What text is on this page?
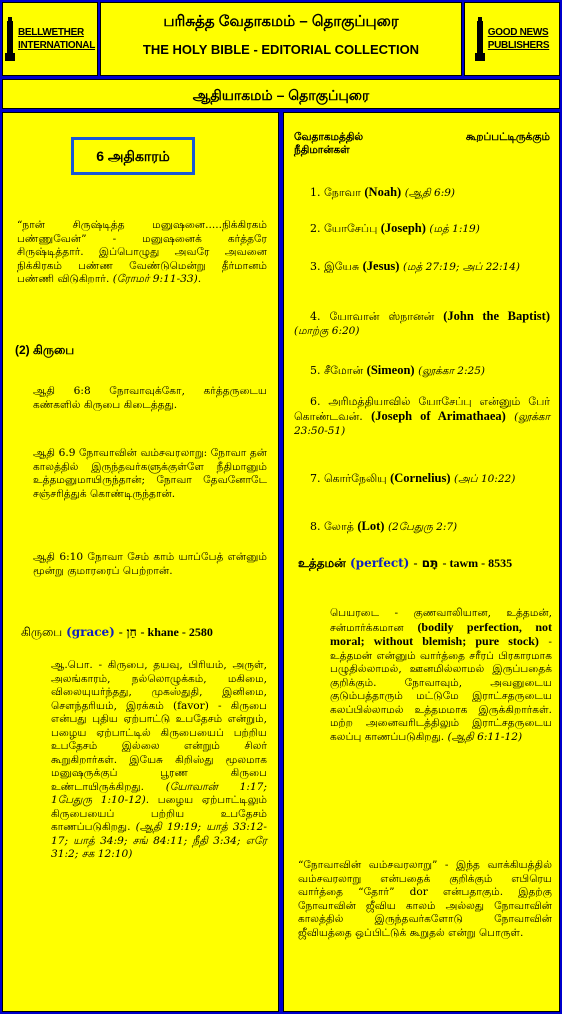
BELLWETHER
INTERNATIONAL
பரிசுத்த வேதாகமம் – தொகுப்புரை
THE HOLY BIBLE - EDITORIAL COLLECTION
GOOD NEWS
PUBLISHERS
ஆதியாகமம் – தொகுப்புரை
6 அதிகாரம்
“நான் சிருஷ்டித்த மனுஷனை.....நிக்கிரகம் பண்ணுவேன்” - மனுஷனைக் கர்த்தரே சிருஷ்டித்தார். இப்பொழுது அவரே அவனை நிக்கிரகம் பண்ண வேண்டுமென்று தீர்மானம் பண்ணி விடுகிறார். (ரோமர் 9:11-33).
(2) கிருபை
ஆதி 6:8 நோவாவுக்கோ, கர்த்தருடைய கண்களில் கிருபை கிடைத்தது.
ஆதி 6.9 நோவாவின் வம்சவரலாறு: நோவா தன் காலத்தில் இருந்தவர்களுக்குள்ளே நீதிமானும் உத்தமனுமாயிருந்தான்; நோவா தேவனோடே சஞ்சரித்துக் கொண்டிருந்தான்.
ஆதி 6:10 நோவா சேம் காம் யாப்பேத் என்னும் மூன்று குமாரரைப் பெற்றான்.
கிருபை (grace) - חֵן - khane - 2580
ஆ.பொ. - கிருபை, தயவு, பிரியம், அருள், அலங்காரம், நல்லொழுக்கம், மகிமை, விலையுயர்ந்தது, முகஸ்துதி, இனிமை, சௌந்தரியம், இரக்கம் (favor) - கிருபை என்பது புதிய ஏற்பாட்டு உபதேசம் என்றும், பழைய ஏற்பாட்டில் கிருபையைப் பற்றிய உபதேசம் இல்லை என்றும் சிலர் கூறுகிறார்கள். இயேசு கிறிஸ்து மூலமாக மனுஷருக்குப் பூரண கிருபை உண்டாயிருக்கிறது. (யோவான் 1:17; 1பேதுரு 1:10-12). பழைய ஏற்பாட்டிலும் கிருபையைப் பற்றிய உபதேசம் காணப்படுகிறது. (ஆதி 19:19; யாத் 33:12-17; யாத் 34:9; சங் 84:11; நீதி 3:34; எரே 31:2; சக 12:10)
வேதாகமத்தில்	கூறப்பட்டிருக்கும்
நீதிமான்கள்
1. நோவா (Noah) (ஆதி 6:9)
2. யோசேப்பு (Joseph) (மத் 1:19)
3. இயேசு (Jesus) (மத் 27:19; அப் 22:14)
4. யோவான் ஸ்நானன் (John the Baptist) (மாற்கு 6:20)
5. சீமோன் (Simeon) (லூக்கா 2:25)
6. அரிமத்தியாவில் யோசேப்பு என்னும் பேர் கொண்டவன். (Joseph of Arimathaea) (லூக்கா 23:50-51)
7. கொர்நேலியு (Cornelius) (அப் 10:22)
8. லோத் (Lot) (2பேதுரு 2:7)
உத்தமன் (perfect) - תָּם - tawm - 8535
பெயரடை - குணவாலியான, உத்தமன், சன்மார்க்கமான (bodily perfection, not moral; without blemish; pure stock) - உத்தமன் என்னும் வார்த்தை சரீரப் பிரகாரமாக பழுதில்லாமல், ஊனமில்லாமல் இருப்பதைக் குறிக்கும். நோவாவும், அவனுடைய குடும்பத்தாரும் மட்டுமே இராட்சதருடைய கலப்பில்லாமல் உத்தமமாக இருக்கிறார்கள். மற்ற அனைவரிடத்திலும் இராட்சதருடைய கலப்பு காணப்படுகிறது. (ஆதி 6:11-12)
“நோவாவின் வம்சவரலாறு” - இந்த வாக்கியத்தில் வம்சவரலாறு என்பதைக் குறிக்கும் எபிரெய வார்த்தை “தோர்” dor என்பதாகும். இதற்கு நோவாவின் ஜீவிய காலம் அல்லது நோவாவின் காலத்தில் இருந்தவர்களோடு நோவாவின் ஜீவியத்தை ஒப்பிட்டுக் கூறுதல் என்று பொருள்.
